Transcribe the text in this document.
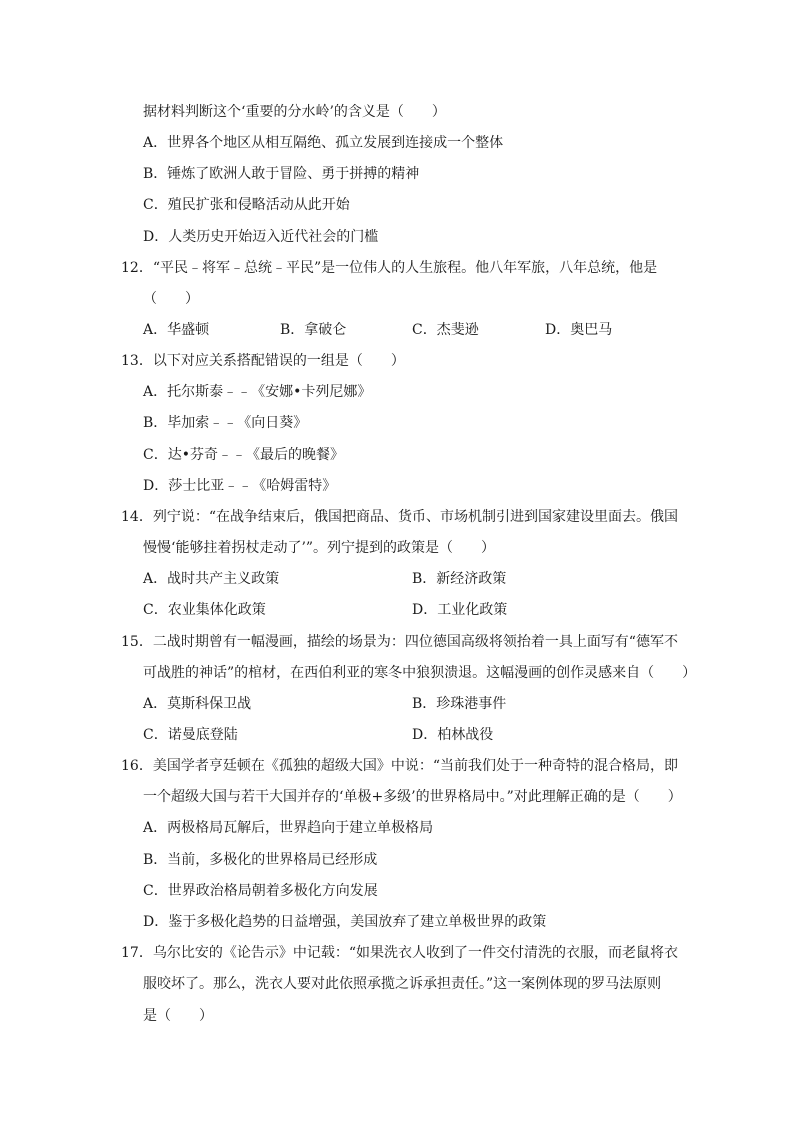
据材料判断这个‘重要的分水岭’的含义是（　　）
A．世界各个地区从相互隔绝、孤立发展到连接成一个整体
B．锤炼了欧洲人敢于冒险、勇于拼搏的精神
C．殖民扩张和侵略活动从此开始
D．人类历史开始迈入近代社会的门槛
12．“平民﹣将军﹣总统﹣平民”是一位伟人的人生旅程。他八年军旅，八年总统，他是
（　　）
A．华盛顿	B．拿破仑	C．杰斐逊	D．奥巴马
13．以下对应关系搭配错误的一组是（　　）
A．托尔斯泰﹣﹣《安娜•卡列尼娜》
B．毕加索﹣﹣《向日葵》
C．达•芬奇﹣﹣《最后的晚餐》
D．莎士比亚﹣﹣《哈姆雷特》
14．列宁说：“在战争结束后，俄国把商品、货币、市场机制引进到国家建设里面去。俄国
慢慢‘能够拄着拐杖走动了’”。列宁提到的政策是（　　）
A．战时共产主义政策	B．新经济政策
C．农业集体化政策	D．工业化政策
15．二战时期曾有一幅漫画，描绘的场景为：四位德国高级将领抬着一具上面写有“德军不
可战胜的神话”的棺材，在西伯利亚的寒冬中狼狈溃退。这幅漫画的创作灵感来自（　　）
A．莫斯科保卫战	B．珍珠港事件
C．诺曼底登陆	D．柏林战役
16．美国学者亨廷顿在《孤独的超级大国》中说：“当前我们处于一种奇特的混合格局，即
一个超级大国与若干大国并存的‘单极+多级’的世界格局中。”对此理解正确的是（　　）
A．两极格局瓦解后，世界趋向于建立单极格局
B．当前，多极化的世界格局已经形成
C．世界政治格局朝着多极化方向发展
D．鉴于多极化趋势的日益增强，美国放弃了建立单极世界的政策
17．乌尔比安的《论告示》中记载：“如果洗衣人收到了一件交付清洗的衣服，而老鼠将衣
服咬坏了。那么，洗衣人要对此依照承揽之诉承担责任。”这一案例体现的罗马法原则
是（　　）
